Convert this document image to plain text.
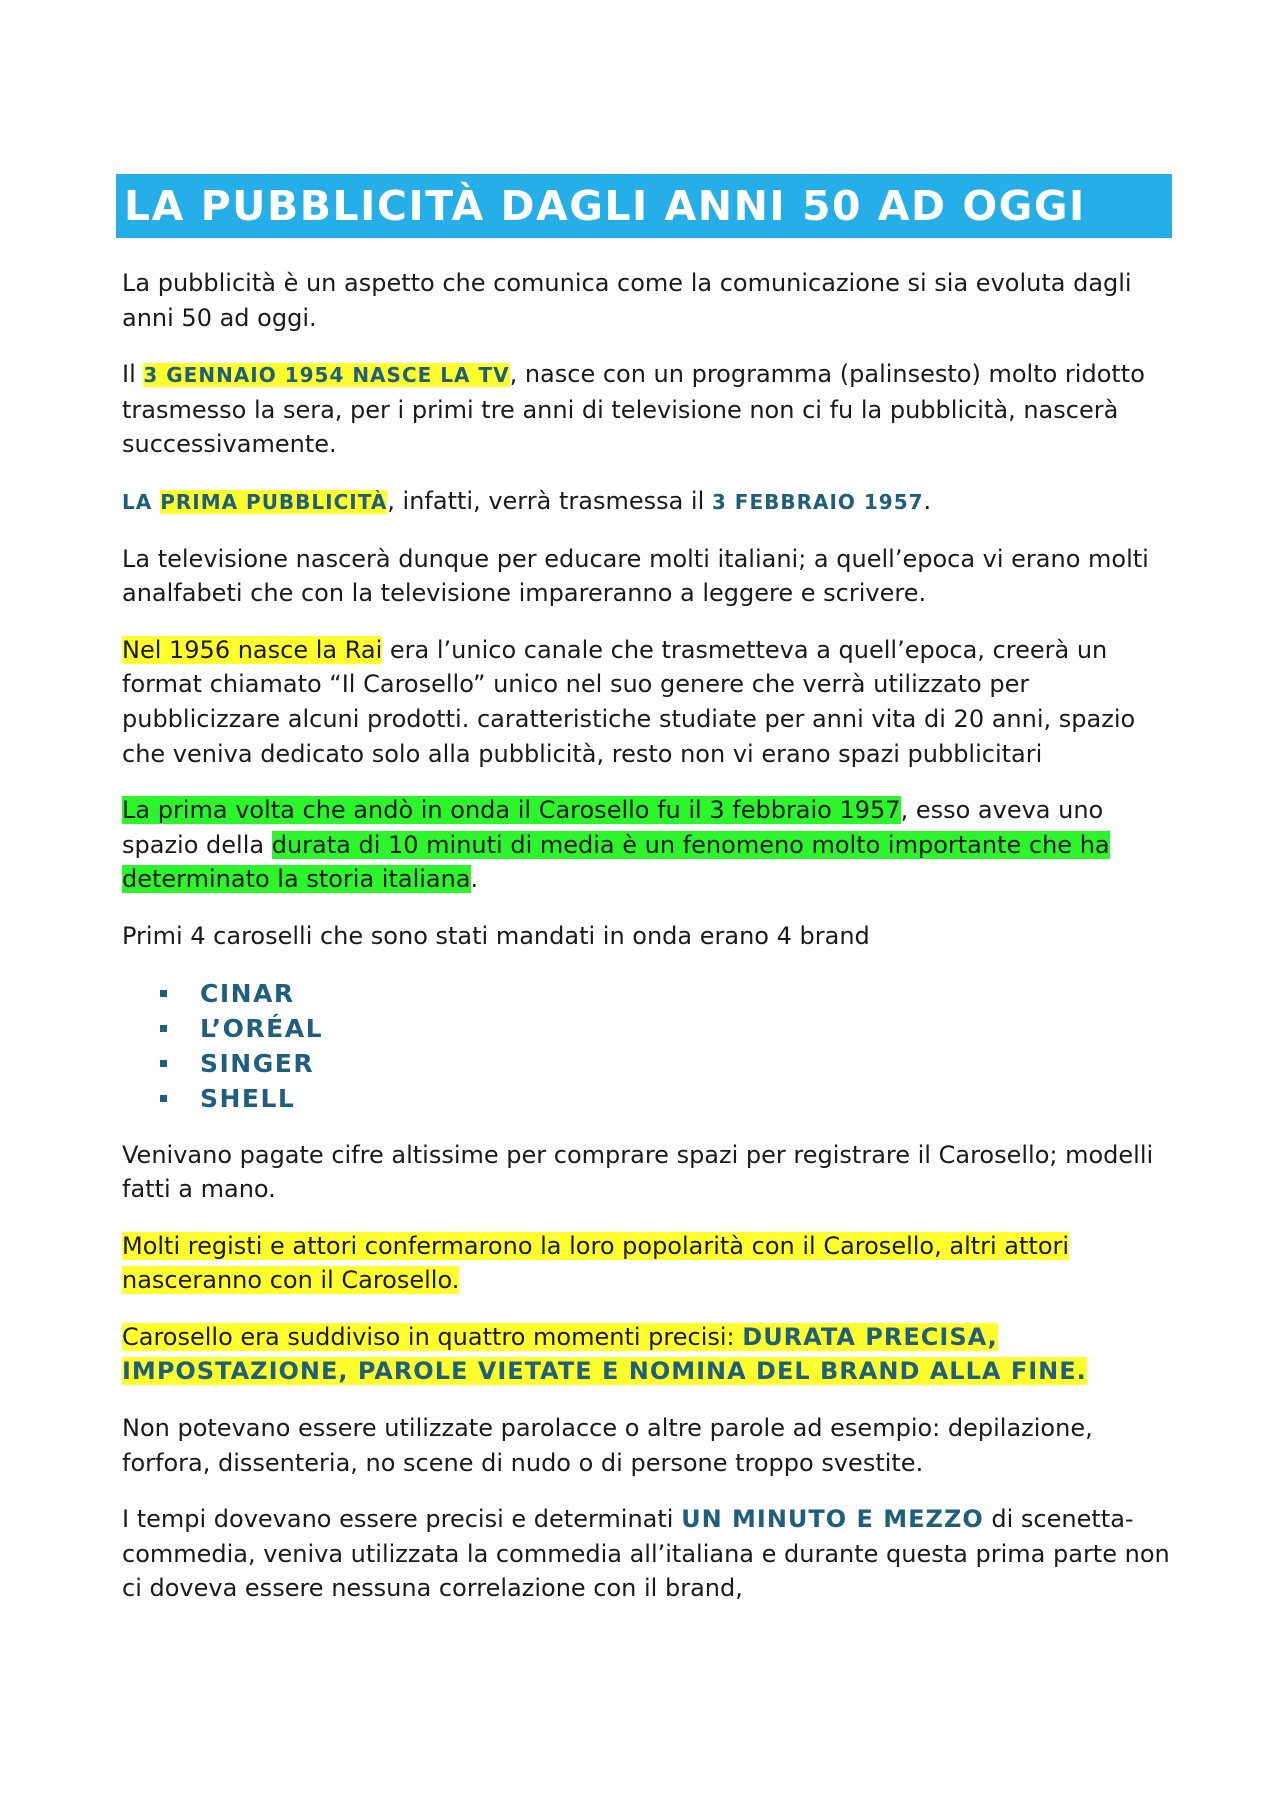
LA PUBBLICITÀ DAGLI ANNI 50 AD OGGI

La pubblicità è un aspetto che comunica come la comunicazione si sia evoluta dagli anni 50 ad oggi.

Il 3 GENNAIO 1954 NASCE LA TV, nasce con un programma (palinsesto) molto ridotto trasmesso la sera, per i primi tre anni di televisione non ci fu la pubblicità, nascerà successivamente.

LA PRIMA PUBBLICITÀ, infatti, verrà trasmessa il 3 FEBBRAIO 1957.

La televisione nascerà dunque per educare molti italiani; a quell’epoca vi erano molti analfabeti che con la televisione impareranno a leggere e scrivere.

Nel 1956 nasce la Rai era l’unico canale che trasmetteva a quell’epoca, creerà un format chiamato “Il Carosello” unico nel suo genere che verrà utilizzato per pubblicizzare alcuni prodotti. caratteristiche studiate per anni vita di 20 anni, spazio che veniva dedicato solo alla pubblicità, resto non vi erano spazi pubblicitari

La prima volta che andò in onda il Carosello fu il 3 febbraio 1957, esso aveva uno spazio della durata di 10 minuti di media è un fenomeno molto importante che ha determinato la storia italiana.

Primi 4 caroselli che sono stati mandati in onda erano 4 brand

CINAR
L’ORÉAL
SINGER
SHELL

Venivano pagate cifre altissime per comprare spazi per registrare il Carosello; modelli fatti a mano.

Molti registi e attori confermarono la loro popolarità con il Carosello, altri attori nasceranno con il Carosello.

Carosello era suddiviso in quattro momenti precisi: DURATA PRECISA, IMPOSTAZIONE, PAROLE VIETATE E NOMINA DEL BRAND ALLA FINE.

Non potevano essere utilizzate parolacce o altre parole ad esempio: depilazione, forfora, dissenteria, no scene di nudo o di persone troppo svestite.

I tempi dovevano essere precisi e determinati UN MINUTO E MEZZO di scenetta-commedia, veniva utilizzata la commedia all’italiana e durante questa prima parte non ci doveva essere nessuna correlazione con il brand,
